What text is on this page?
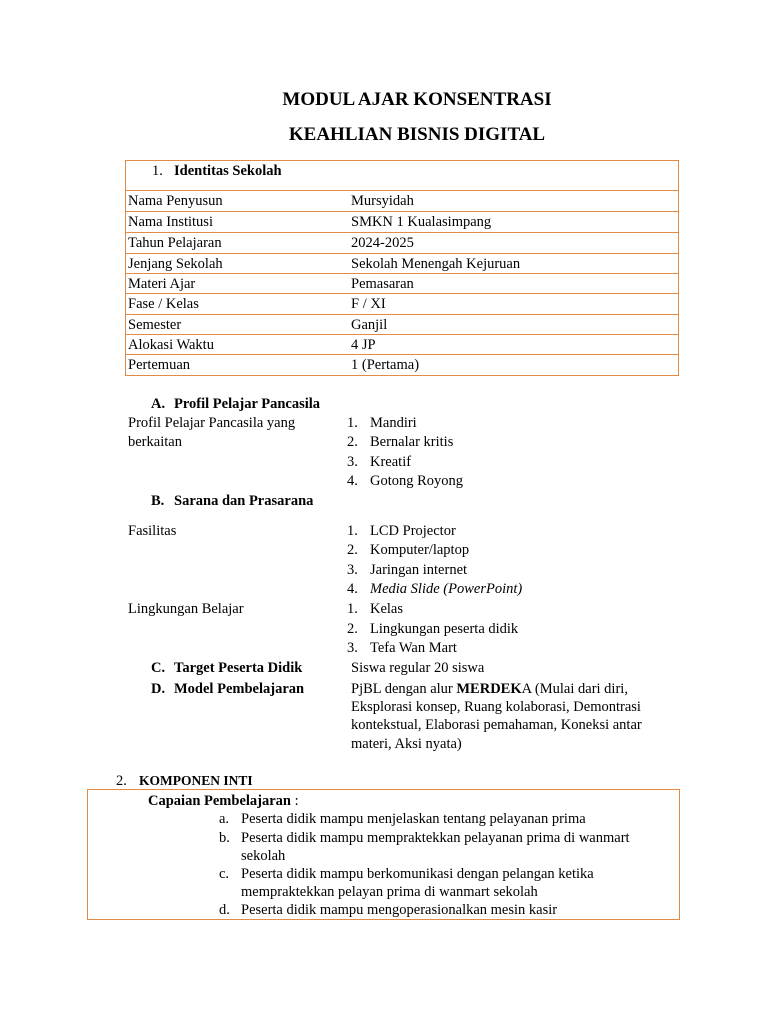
MODUL AJAR KONSENTRASI
KEAHLIAN BISNIS DIGITAL
1. Identitas Sekolah
Nama Penyusun	Mursyidah
Nama Institusi	SMKN 1 Kualasimpang
Tahun Pelajaran	2024-2025
Jenjang Sekolah	Sekolah Menengah Kejuruan
Materi Ajar	Pemasaran
Fase / Kelas	F / XI
Semester	Ganjil
Alokasi Waktu	4 JP
Pertemuan	1 (Pertama)
A. Profil Pelajar Pancasila
Profil Pelajar Pancasila yang
berkaitan
1. Mandiri
2. Bernalar kritis
3. Kreatif
4. Gotong Royong
B. Sarana dan Prasarana
Fasilitas	1. LCD Projector
2. Komputer/laptop
3. Jaringan internet
4. Media Slide (PowerPoint)
Lingkungan Belajar	1. Kelas
2. Lingkungan peserta didik
3. Tefa Wan Mart
C. Target Peserta Didik	Siswa regular 20 siswa
D. Model Pembelajaran	PjBL dengan alur MERDEKA (Mulai dari diri,
Eksplorasi konsep, Ruang kolaborasi, Demontrasi
kontekstual, Elaborasi pemahaman, Koneksi antar
materi, Aksi nyata)
2. KOMPONEN INTI
Capaian Pembelajaran :
a. Peserta didik mampu menjelaskan tentang pelayanan prima
b. Peserta didik mampu mempraktekkan pelayanan prima di wanmart
sekolah
c. Peserta didik mampu berkomunikasi dengan pelangan ketika
mempraktekkan pelayan prima di wanmart sekolah
d. Peserta didik mampu mengoperasionalkan mesin kasir
